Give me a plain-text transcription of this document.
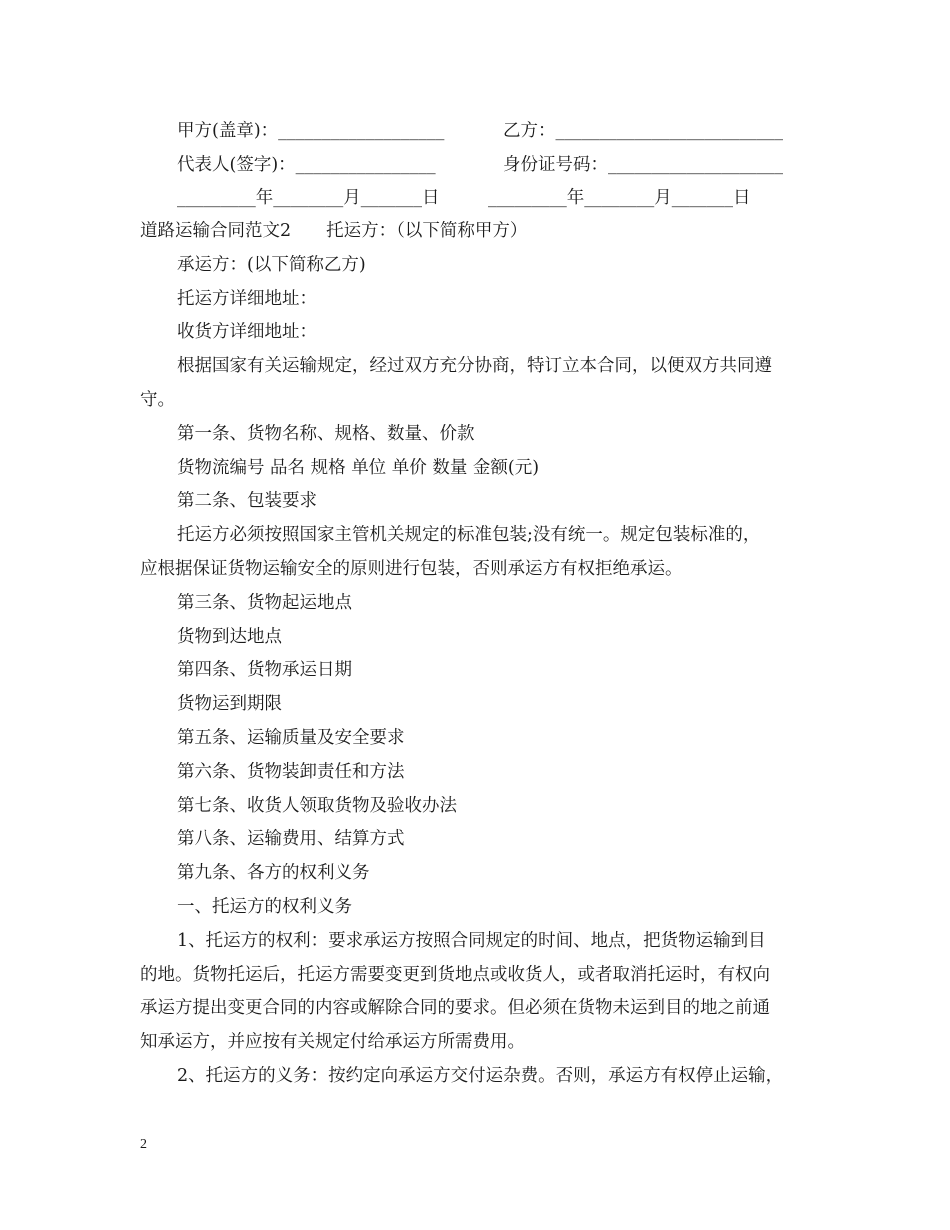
甲方(盖章)：___________________	乙方：__________________________
代表人(签字)：________________	身份证号码：____________________
_________年________月_______日	_________年________月_______日
道路运输合同范文2　　托运方：（以下简称甲方）
承运方：(以下简称乙方)
托运方详细地址：
收货方详细地址：
根据国家有关运输规定，经过双方充分协商，特订立本合同，以便双方共同遵
守。
第一条、货物名称、规格、数量、价款
货物流编号 品名 规格 单位 单价 数量 金额(元)
第二条、包装要求
托运方必须按照国家主管机关规定的标准包装;没有统一。规定包装标准的，
应根据保证货物运输安全的原则进行包装，否则承运方有权拒绝承运。
第三条、货物起运地点
货物到达地点
第四条、货物承运日期
货物运到期限
第五条、运输质量及安全要求
第六条、货物装卸责任和方法
第七条、收货人领取货物及验收办法
第八条、运输费用、结算方式
第九条、各方的权利义务
一、托运方的权利义务
1、托运方的权利：要求承运方按照合同规定的时间、地点，把货物运输到目
的地。货物托运后，托运方需要变更到货地点或收货人，或者取消托运时，有权向
承运方提出变更合同的内容或解除合同的要求。但必须在货物未运到目的地之前通
知承运方，并应按有关规定付给承运方所需费用。
2、托运方的义务：按约定向承运方交付运杂费。否则，承运方有权停止运输，
2
